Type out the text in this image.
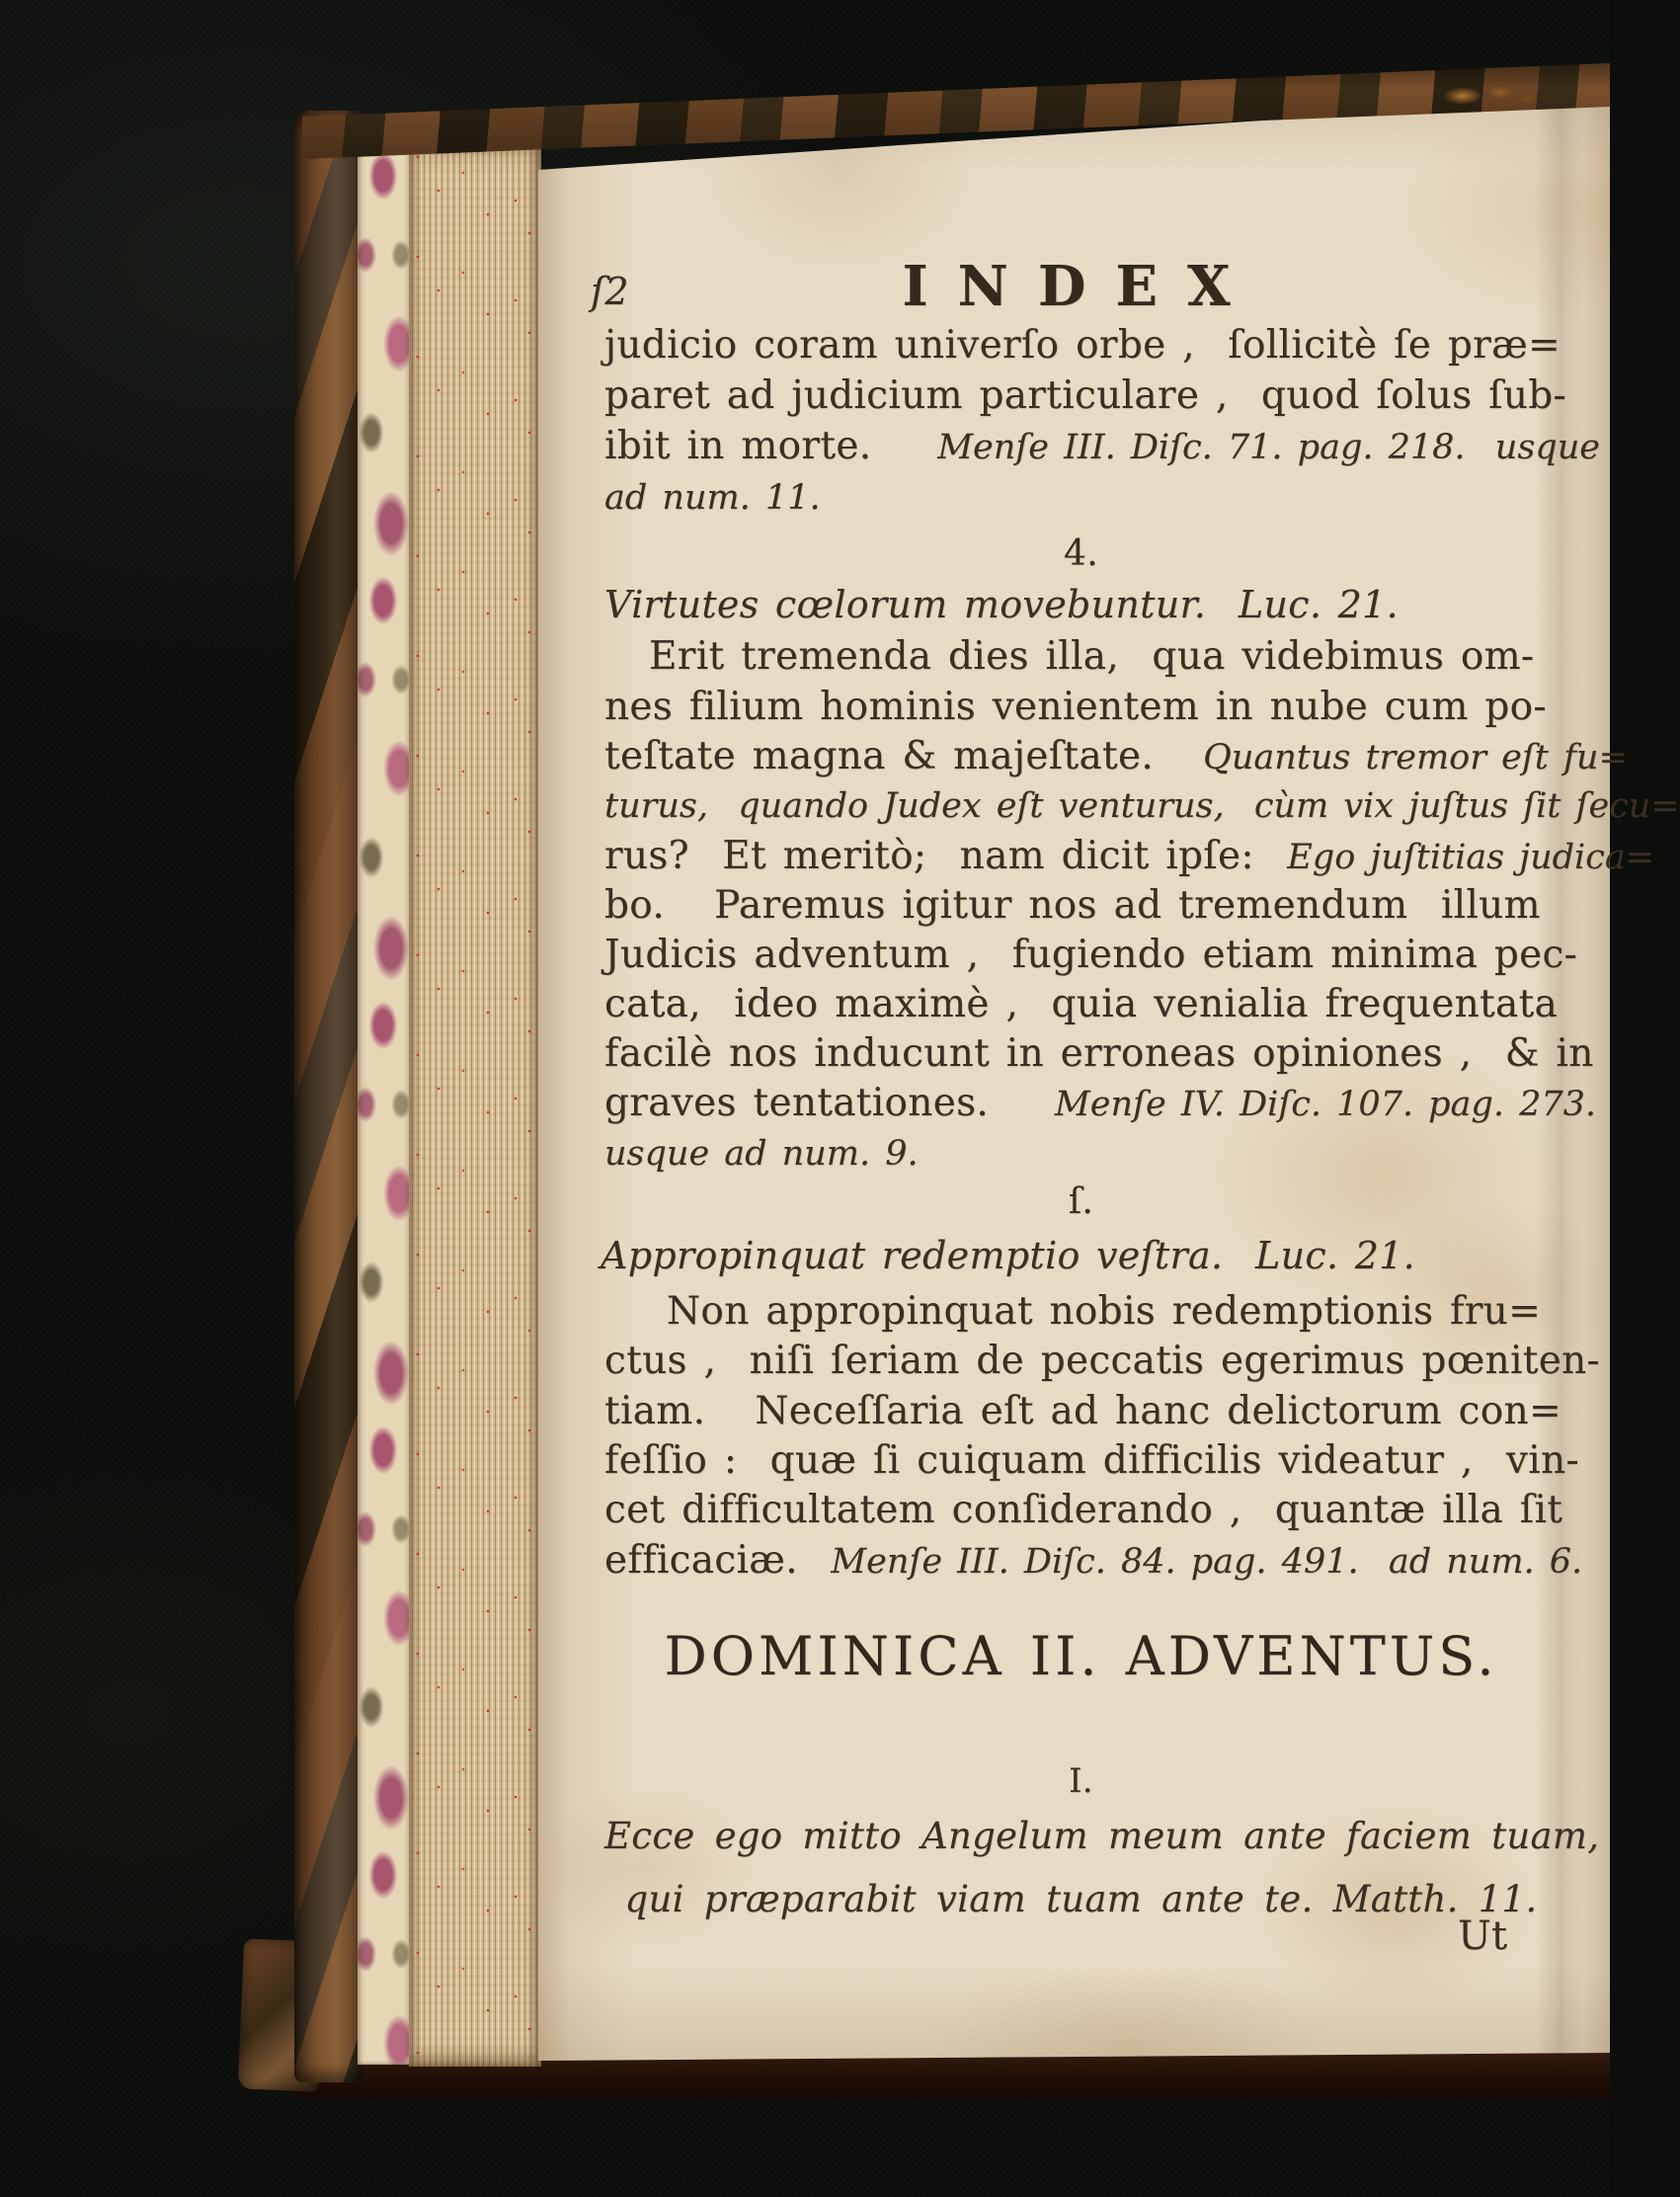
ſ2	INDEX
judicio coram univerſo orbe ,  ſollicitè ſe præ=
paret ad judicium particulare ,  quod ſolus ſub-
ibit in morte.    Menſe III. Diſc. 71. pag. 218.  usque
ad num. 11.
4.
Virtutes cœlorum movebuntur.  Luc. 21.
Erit tremenda dies illa,  qua videbimus om-
nes filium hominis venientem in nube cum po-
teſtate magna & majeſtate.   Quantus tremor eſt fu=
turus,  quando Judex eſt venturus,  cùm vix juſtus ſit ſecu=
rus?  Et meritò;  nam dicit ipſe:  Ego juſtitias judica=
bo.   Paremus igitur nos ad tremendum  illum
Judicis adventum ,  fugiendo etiam minima pec-
cata,  ideo maximè ,  quia venialia frequentata
facilè nos inducunt in erroneas opiniones ,  & in
graves tentationes.    Menſe IV. Diſc. 107. pag. 273.
usque ad num. 9.
ſ.
Appropinquat redemptio veſtra.  Luc. 21.
Non appropinquat nobis redemptionis fru=
ctus ,  niſi ſeriam de peccatis egerimus pœniten-
tiam.   Neceſſaria eſt ad hanc delictorum con=
feſſio :  quæ ſi cuiquam difficilis videatur ,  vin-
cet difficultatem conſiderando ,  quantæ illa ſit
efficaciæ.  Menſe III. Diſc. 84. pag. 491.  ad num. 6.
DOMINICA II. ADVENTUS.
I.
Ecce ego mitto Angelum meum ante faciem tuam,
qui præparabit viam tuam ante te. Matth. 11.
Ut
